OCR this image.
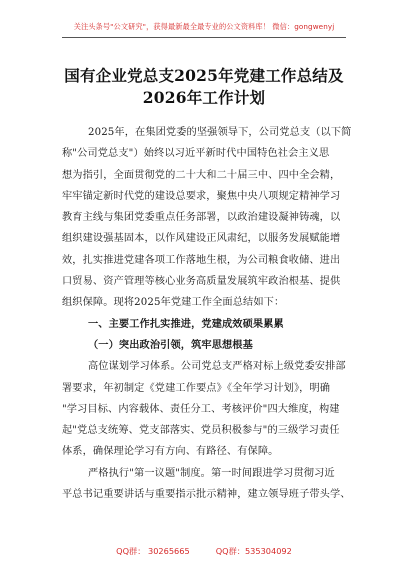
关注头条号"公文研究"，获得最新最全最专业的公文资料库！ 微信：gongwenyj
国有企业党总支2025年党建工作总结及
2026年工作计划
2025年，在集团党委的坚强领导下，公司党总支（以下简
称"公司党总支"）始终以习近平新时代中国特色社会主义思
想为指引，全面贯彻党的二十大和二十届三中、四中全会精，
牢牢锚定新时代党的建设总要求，聚焦中央八项规定精神学习
教育主线与集团党委重点任务部署，以政治建设凝神铸魂，以
组织建设强基固本，以作风建设正风肃纪，以服务发展赋能增
效，扎实推进党建各项工作落地生根，为公司粮食收储、进出
口贸易、资产管理等核心业务高质量发展筑牢政治根基、提供
组织保障。现将2025年党建工作全面总结如下：
一、主要工作扎实推进，党建成效硕果累累
（一）突出政治引领，筑牢思想根基
高位谋划学习体系。公司党总支严格对标上级党委安排部
署要求，年初制定《党建工作要点》《全年学习计划》，明确
"学习目标、内容载体、责任分工、考核评价"四大维度，构建
起"党总支统筹、党支部落实、党员积极参与"的三级学习责任
体系，确保理论学习有方向、有路径、有保障。
严格执行"第一议题"制度。第一时间跟进学习贯彻习近
平总书记重要讲话与重要指示批示精神，建立领导班子带头学、
QQ群： 30265665	QQ群：535304092
